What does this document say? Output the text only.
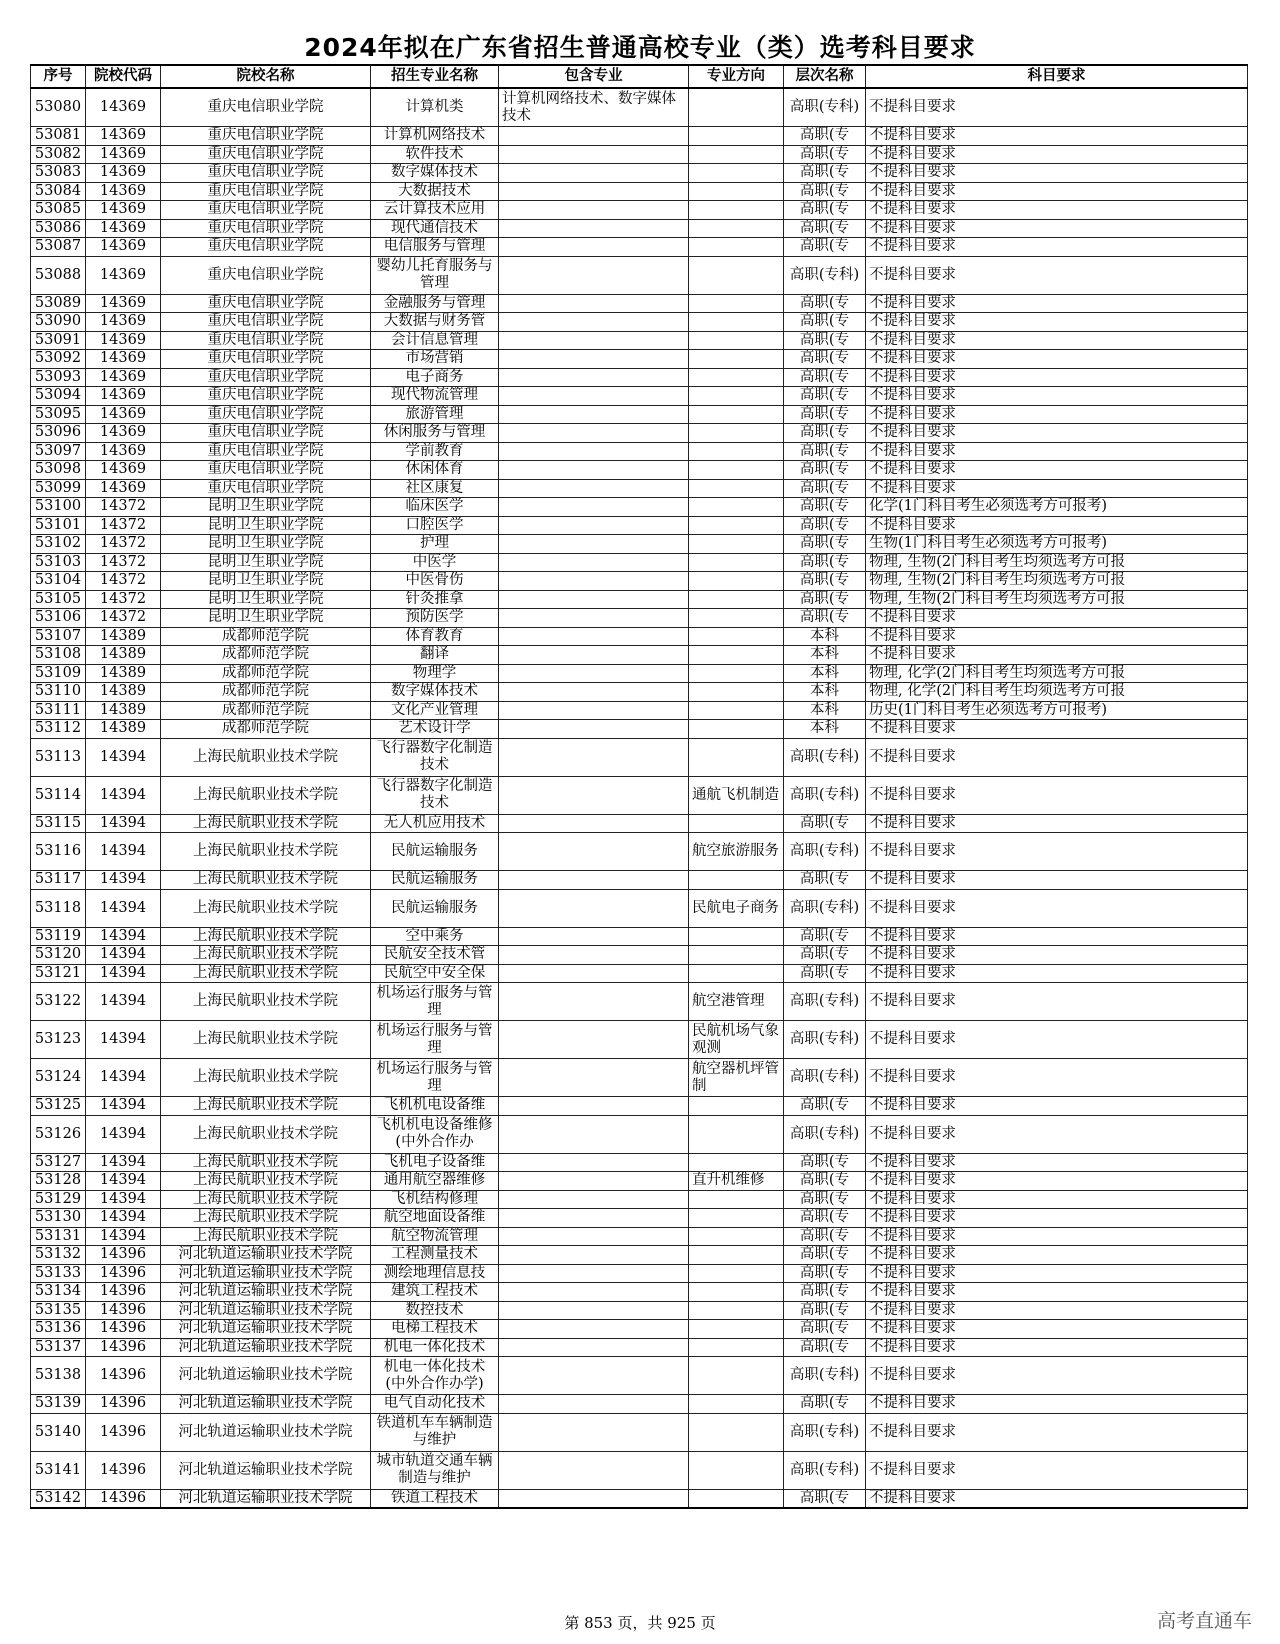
2024年拟在广东省招生普通高校专业（类）选考科目要求
序号	院校代码	院校名称	招生专业名称	包含专业	专业方向	层次名称	科目要求
53080	14369	重庆电信职业学院	计算机类	计算机网络技术、数字媒体技术		高职(专科)	不提科目要求
53081	14369	重庆电信职业学院	计算机网络技术			高职(专	不提科目要求
53082	14369	重庆电信职业学院	软件技术			高职(专	不提科目要求
53083	14369	重庆电信职业学院	数字媒体技术			高职(专	不提科目要求
53084	14369	重庆电信职业学院	大数据技术			高职(专	不提科目要求
53085	14369	重庆电信职业学院	云计算技术应用			高职(专	不提科目要求
53086	14369	重庆电信职业学院	现代通信技术			高职(专	不提科目要求
53087	14369	重庆电信职业学院	电信服务与管理			高职(专	不提科目要求
53088	14369	重庆电信职业学院	婴幼儿托育服务与管理			高职(专科)	不提科目要求
53089	14369	重庆电信职业学院	金融服务与管理			高职(专	不提科目要求
53090	14369	重庆电信职业学院	大数据与财务管			高职(专	不提科目要求
53091	14369	重庆电信职业学院	会计信息管理			高职(专	不提科目要求
53092	14369	重庆电信职业学院	市场营销			高职(专	不提科目要求
53093	14369	重庆电信职业学院	电子商务			高职(专	不提科目要求
53094	14369	重庆电信职业学院	现代物流管理			高职(专	不提科目要求
53095	14369	重庆电信职业学院	旅游管理			高职(专	不提科目要求
53096	14369	重庆电信职业学院	休闲服务与管理			高职(专	不提科目要求
53097	14369	重庆电信职业学院	学前教育			高职(专	不提科目要求
53098	14369	重庆电信职业学院	休闲体育			高职(专	不提科目要求
53099	14369	重庆电信职业学院	社区康复			高职(专	不提科目要求
53100	14372	昆明卫生职业学院	临床医学			高职(专	化学(1门科目考生必须选考方可报考)
53101	14372	昆明卫生职业学院	口腔医学			高职(专	不提科目要求
53102	14372	昆明卫生职业学院	护理			高职(专	生物(1门科目考生必须选考方可报考)
53103	14372	昆明卫生职业学院	中医学			高职(专	物理, 生物(2门科目考生均须选考方可报
53104	14372	昆明卫生职业学院	中医骨伤			高职(专	物理, 生物(2门科目考生均须选考方可报
53105	14372	昆明卫生职业学院	针灸推拿			高职(专	物理, 生物(2门科目考生均须选考方可报
53106	14372	昆明卫生职业学院	预防医学			高职(专	不提科目要求
53107	14389	成都师范学院	体育教育			本科	不提科目要求
53108	14389	成都师范学院	翻译			本科	不提科目要求
53109	14389	成都师范学院	物理学			本科	物理, 化学(2门科目考生均须选考方可报
53110	14389	成都师范学院	数字媒体技术			本科	物理, 化学(2门科目考生均须选考方可报
53111	14389	成都师范学院	文化产业管理			本科	历史(1门科目考生必须选考方可报考)
53112	14389	成都师范学院	艺术设计学			本科	不提科目要求
53113	14394	上海民航职业技术学院	飞行器数字化制造技术			高职(专科)	不提科目要求
53114	14394	上海民航职业技术学院	飞行器数字化制造技术		通航飞机制造	高职(专科)	不提科目要求
53115	14394	上海民航职业技术学院	无人机应用技术			高职(专	不提科目要求
53116	14394	上海民航职业技术学院	民航运输服务		航空旅游服务	高职(专科)	不提科目要求
53117	14394	上海民航职业技术学院	民航运输服务			高职(专	不提科目要求
53118	14394	上海民航职业技术学院	民航运输服务		民航电子商务	高职(专科)	不提科目要求
53119	14394	上海民航职业技术学院	空中乘务			高职(专	不提科目要求
53120	14394	上海民航职业技术学院	民航安全技术管			高职(专	不提科目要求
53121	14394	上海民航职业技术学院	民航空中安全保			高职(专	不提科目要求
53122	14394	上海民航职业技术学院	机场运行服务与管理		航空港管理	高职(专科)	不提科目要求
53123	14394	上海民航职业技术学院	机场运行服务与管理		民航机场气象观测	高职(专科)	不提科目要求
53124	14394	上海民航职业技术学院	机场运行服务与管理		航空器机坪管制	高职(专科)	不提科目要求
53125	14394	上海民航职业技术学院	飞机机电设备维			高职(专	不提科目要求
53126	14394	上海民航职业技术学院	飞机机电设备维修(中外合作办			高职(专科)	不提科目要求
53127	14394	上海民航职业技术学院	飞机电子设备维			高职(专	不提科目要求
53128	14394	上海民航职业技术学院	通用航空器维修		直升机维修	高职(专	不提科目要求
53129	14394	上海民航职业技术学院	飞机结构修理			高职(专	不提科目要求
53130	14394	上海民航职业技术学院	航空地面设备维			高职(专	不提科目要求
53131	14394	上海民航职业技术学院	航空物流管理			高职(专	不提科目要求
53132	14396	河北轨道运输职业技术学院	工程测量技术			高职(专	不提科目要求
53133	14396	河北轨道运输职业技术学院	测绘地理信息技			高职(专	不提科目要求
53134	14396	河北轨道运输职业技术学院	建筑工程技术			高职(专	不提科目要求
53135	14396	河北轨道运输职业技术学院	数控技术			高职(专	不提科目要求
53136	14396	河北轨道运输职业技术学院	电梯工程技术			高职(专	不提科目要求
53137	14396	河北轨道运输职业技术学院	机电一体化技术			高职(专	不提科目要求
53138	14396	河北轨道运输职业技术学院	机电一体化技术(中外合作办学)			高职(专科)	不提科目要求
53139	14396	河北轨道运输职业技术学院	电气自动化技术			高职(专	不提科目要求
53140	14396	河北轨道运输职业技术学院	铁道机车车辆制造与维护			高职(专科)	不提科目要求
53141	14396	河北轨道运输职业技术学院	城市轨道交通车辆制造与维护			高职(专科)	不提科目要求
53142	14396	河北轨道运输职业技术学院	铁道工程技术			高职(专	不提科目要求
第 853 页，共 925 页	高考直通车
